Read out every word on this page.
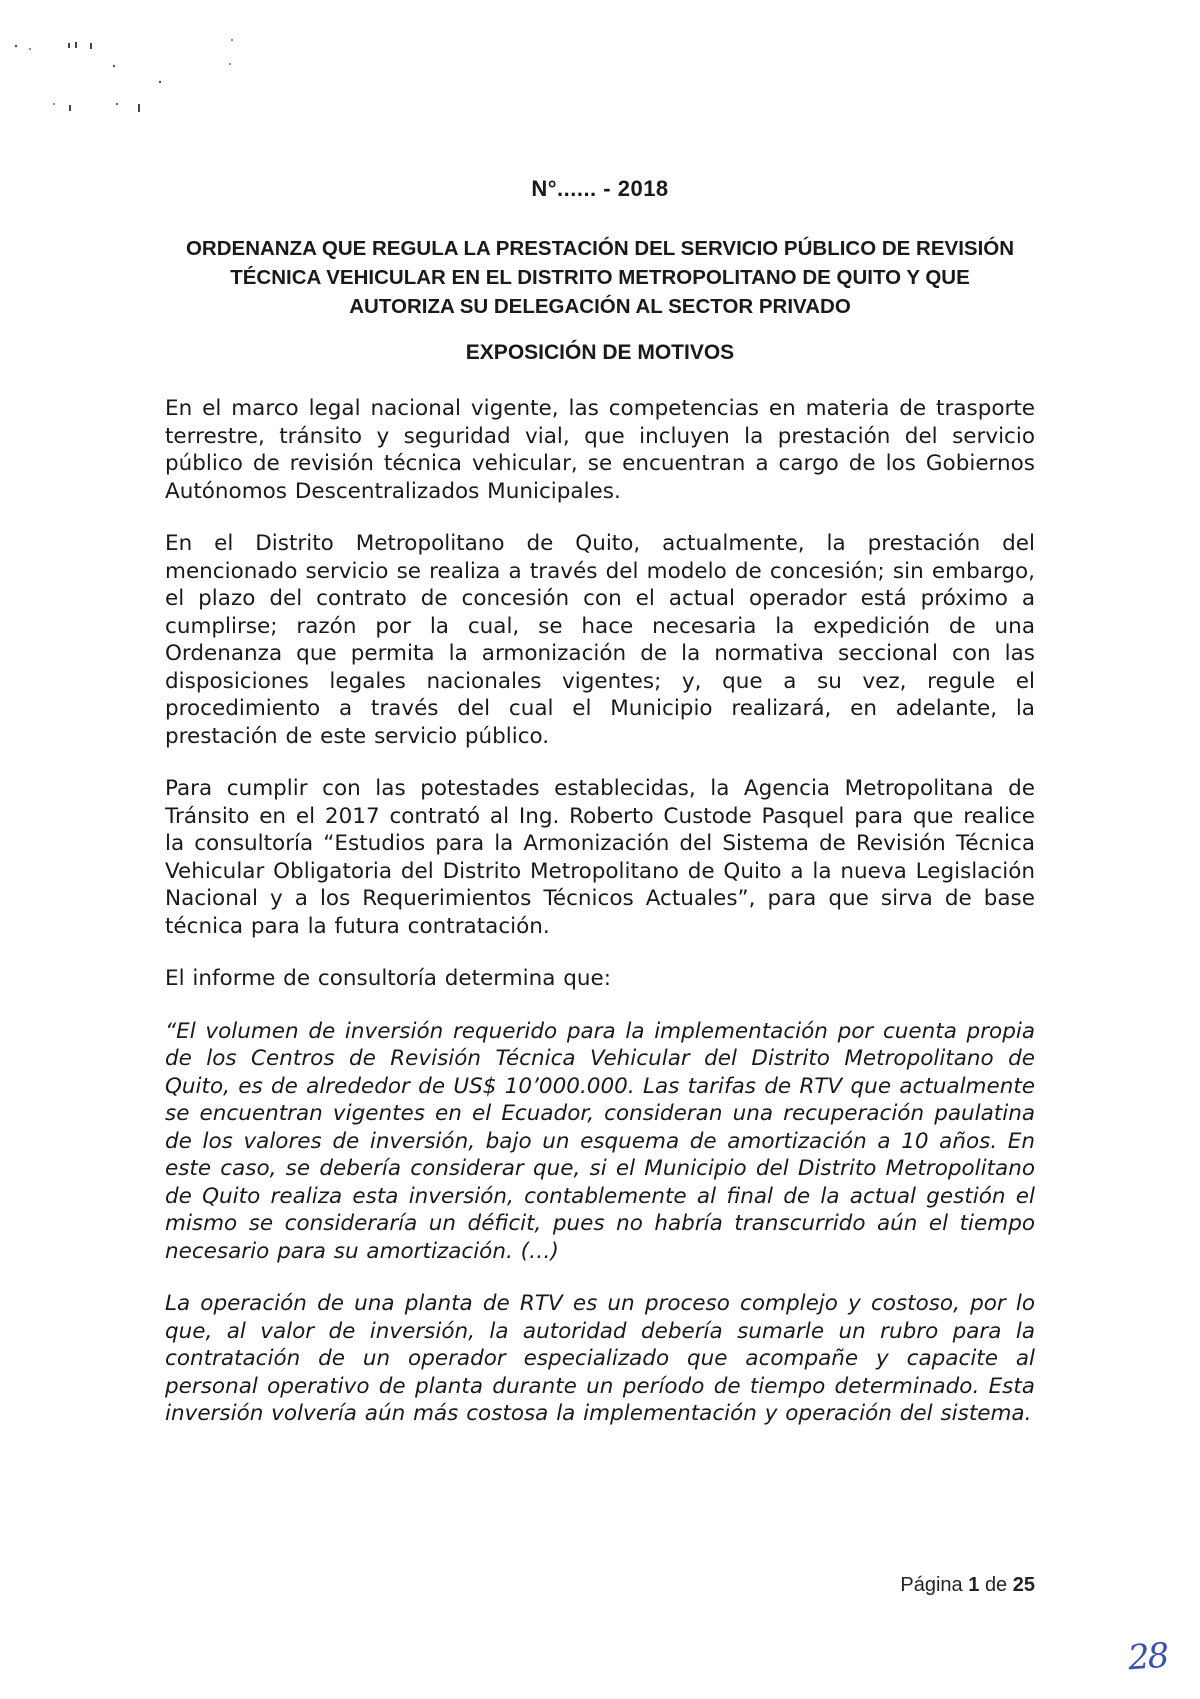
N°...... - 2018
ORDENANZA QUE REGULA LA PRESTACIÓN DEL SERVICIO PÚBLICO DE REVISIÓN TÉCNICA VEHICULAR EN EL DISTRITO METROPOLITANO DE QUITO Y QUE AUTORIZA SU DELEGACIÓN AL SECTOR PRIVADO
EXPOSICIÓN DE MOTIVOS

En el marco legal nacional vigente, las competencias en materia de trasporte terrestre, tránsito y seguridad vial, que incluyen la prestación del servicio público de revisión técnica vehicular, se encuentran a cargo de los Gobiernos Autónomos Descentralizados Municipales.

En el Distrito Metropolitano de Quito, actualmente, la prestación del mencionado servicio se realiza a través del modelo de concesión; sin embargo, el plazo del contrato de concesión con el actual operador está próximo a cumplirse; razón por la cual, se hace necesaria la expedición de una Ordenanza que permita la armonización de la normativa seccional con las disposiciones legales nacionales vigentes; y, que a su vez, regule el procedimiento a través del cual el Municipio realizará, en adelante, la prestación de este servicio público.

Para cumplir con las potestades establecidas, la Agencia Metropolitana de Tránsito en el 2017 contrató al Ing. Roberto Custode Pasquel para que realice la consultoría “Estudios para la Armonización del Sistema de Revisión Técnica Vehicular Obligatoria del Distrito Metropolitano de Quito a la nueva Legislación Nacional y a los Requerimientos Técnicos Actuales”, para que sirva de base técnica para la futura contratación.

El informe de consultoría determina que:

“El volumen de inversión requerido para la implementación por cuenta propia de los Centros de Revisión Técnica Vehicular del Distrito Metropolitano de Quito, es de alrededor de US$ 10’000.000. Las tarifas de RTV que actualmente se encuentran vigentes en el Ecuador, consideran una recuperación paulatina de los valores de inversión, bajo un esquema de amortización a 10 años. En este caso, se debería considerar que, si el Municipio del Distrito Metropolitano de Quito realiza esta inversión, contablemente al final de la actual gestión el mismo se consideraría un déficit, pues no habría transcurrido aún el tiempo necesario para su amortización. (…)

La operación de una planta de RTV es un proceso complejo y costoso, por lo que, al valor de inversión, la autoridad debería sumarle un rubro para la contratación de un operador especializado que acompañe y capacite al personal operativo de planta durante un período de tiempo determinado. Esta inversión volvería aún más costosa la implementación y operación del sistema.

Página 1 de 25
28
